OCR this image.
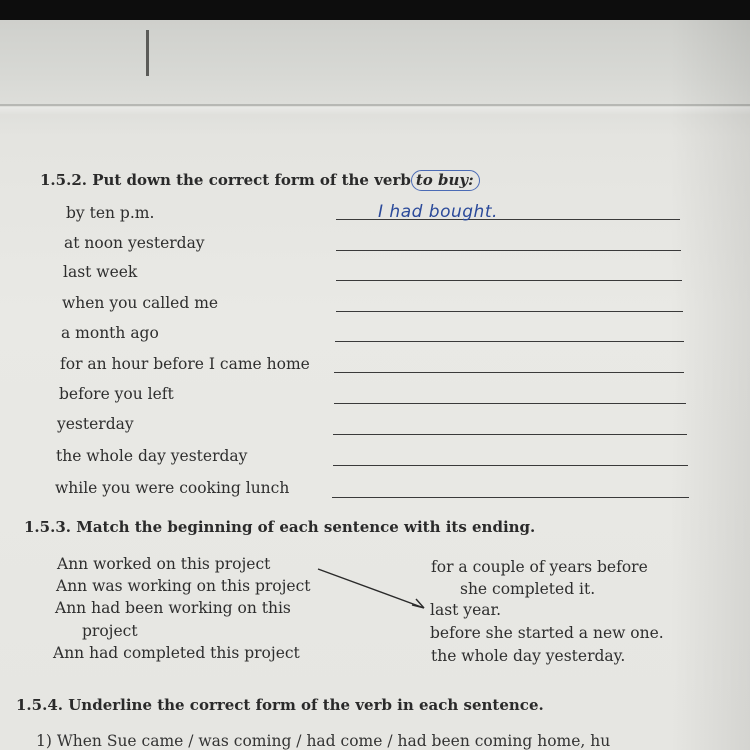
1.5.2. Put down the correct form of the verb to buy:
by ten p.m.
at noon yesterday
last week
when you called me
a month ago
for an hour before I came home
before you left
yesterday
the whole day yesterday
while you were cooking lunch
I had bought.
1.5.3. Match the beginning of each sentence with its ending.
Ann worked on this project
Ann was working on this project
Ann had been working on this
project
Ann had completed this project
for a couple of years before
she completed it.
last year.
before she started a new one.
the whole day yesterday.
1.5.4. Underline the correct form of the verb in each sentence.
1) When Sue came / was coming / had come / had been coming home, hu
